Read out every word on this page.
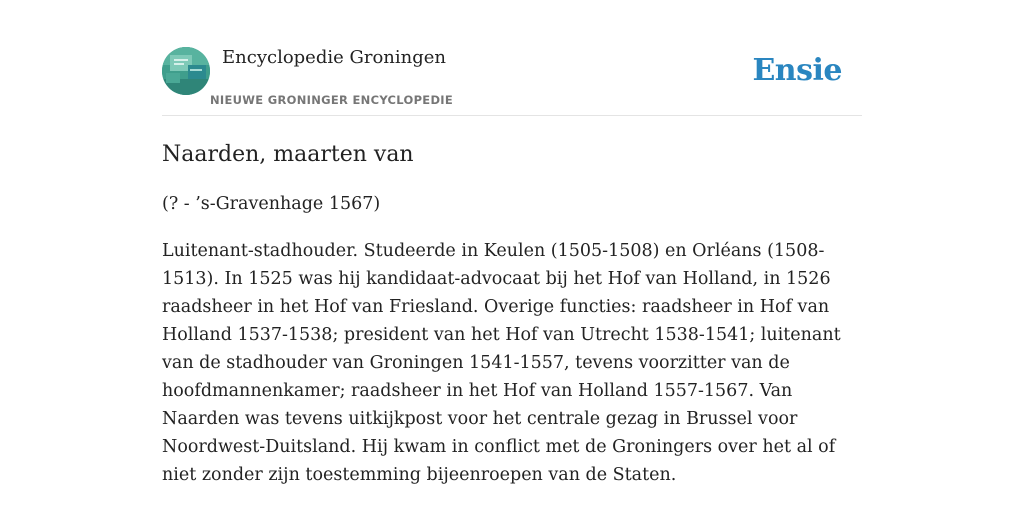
Encyclopedie Groningen
NIEUWE GRONINGER ENCYCLOPEDIE
Ensie
Naarden, maarten van

(? - ’s-Gravenhage 1567)

Luitenant-stadhouder. Studeerde in Keulen (1505-1508) en Orléans (1508-1513). In 1525 was hij kandidaat-advocaat bij het Hof van Holland, in 1526 raadsheer in het Hof van Friesland. Overige functies: raadsheer in Hof van Holland 1537-1538; president van het Hof van Utrecht 1538-1541; luitenant van de stadhouder van Groningen 1541-1557, tevens voorzitter van de hoofdmannenkamer; raadsheer in het Hof van Holland 1557-1567. Van Naarden was tevens uitkijkpost voor het centrale gezag in Brussel voor Noordwest-Duitsland. Hij kwam in conflict met de Groningers over het al of niet zonder zijn toestemming bijeenroepen van de Staten.
